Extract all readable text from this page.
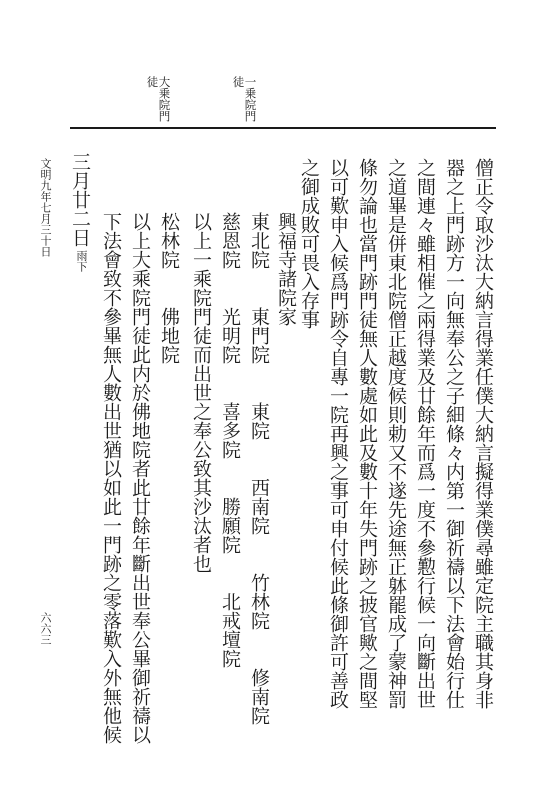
一乗院門
徒
大乗院門
徒
僧正令取沙汰大納言得業任僕大納言擬得業僕尋雖定院主職其身非
器之上門跡方一向無奉公之子細條々内第一御祈禱以下法會始行仕
之間連々雖相催之兩得業及廿餘年而爲一度不參懃行候一向斷出世
之道畢是併東北院僧正越度候則勅又不遂先途無正躰罷成了蒙神罰
條勿論也當門跡門徒無人數處如此及數十年失門跡之披官歟之間堅
以可歎申入候爲門跡令自專一院再興之事可申付候此條御許可善政
之御成敗可畏入存事
興福寺諸院家
東北院　　東門院　　東院　　西南院　　竹林院　　修南院
慈恩院　　光明院　　喜多院　　勝願院　　北戒壇院
以上一乘院門徒而出世之奉公致其沙汰者也
松林院　　佛地院
以上大乘院門徒此内於佛地院者此廿餘年斷出世奉公畢御祈禱以
下法會致不參畢無人數出世猶以如此一門跡之零落歎入外無他候
三月廿二日
雨下
文明九年七月三十日
六六三
